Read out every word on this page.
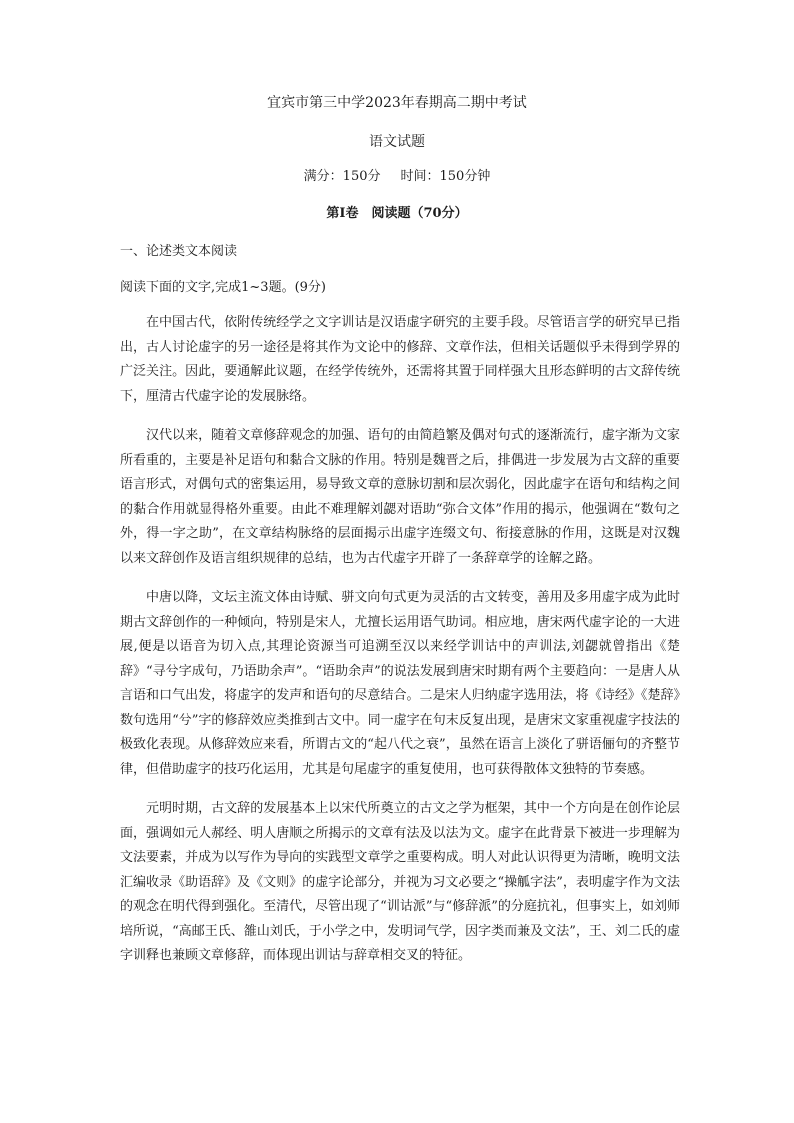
宜宾市第三中学2023年春期高二期中考试
语文试题
满分：150分 时间：150分钟
第Ⅰ卷　阅读题（70分）
一、论述类文本阅读
阅读下面的文字,完成1~3题。(9分)

在中国古代，依附传统经学之文字训诂是汉语虚字研究的主要手段。尽管语言学的研究早已指出，古人讨论虚字的另一途径是将其作为文论中的修辞、文章作法，但相关话题似乎未得到学界的广泛关注。因此，要通解此议题，在经学传统外，还需将其置于同样强大且形态鲜明的古文辞传统下，厘清古代虚字论的发展脉络。

汉代以来，随着文章修辞观念的加强、语句的由简趋繁及偶对句式的逐渐流行，虚字渐为文家所看重的，主要是补足语句和黏合文脉的作用。特别是魏晋之后，排偶进一步发展为古文辞的重要语言形式，对偶句式的密集运用，易导致文章的意脉切割和层次弱化，因此虚字在语句和结构之间的黏合作用就显得格外重要。由此不难理解刘勰对语助“弥合文体”作用的揭示，他强调在“数句之外，得一字之助”，在文章结构脉络的层面揭示出虚字连缀文句、衔接意脉的作用，这既是对汉魏以来文辞创作及语言组织规律的总结，也为古代虚字开辟了一条辞章学的诠解之路。

中唐以降，文坛主流文体由诗赋、骈文向句式更为灵活的古文转变，善用及多用虚字成为此时期古文辞创作的一种倾向，特别是宋人，尤擅长运用语气助词。相应地，唐宋两代虚字论的一大进展,便是以语音为切入点,其理论资源当可追溯至汉以来经学训诂中的声训法,刘勰就曾指出《楚辞》“寻兮字成句，乃语助余声”。“语助余声”的说法发展到唐宋时期有两个主要趋向：一是唐人从言语和口气出发，将虚字的发声和语句的尽意结合。二是宋人归纳虚字选用法，将《诗经》《楚辞》数句选用“兮”字的修辞效应类推到古文中。同一虚字在句末反复出现，是唐宋文家重视虚字技法的极致化表现。从修辞效应来看，所谓古文的“起八代之衰”，虽然在语言上淡化了骈语俪句的齐整节律，但借助虚字的技巧化运用，尤其是句尾虚字的重复使用，也可获得散体文独特的节奏感。

元明时期，古文辞的发展基本上以宋代所奠立的古文之学为框架，其中一个方向是在创作论层面，强调如元人郝经、明人唐顺之所揭示的文章有法及以法为文。虚字在此背景下被进一步理解为文法要素，并成为以写作为导向的实践型文章学之重要构成。明人对此认识得更为清晰，晚明文法汇编收录《助语辞》及《文则》的虚字论部分，并视为习文必要之“操觚字法”，表明虚字作为文法的观念在明代得到强化。至清代，尽管出现了“训诂派”与“修辞派”的分庭抗礼，但事实上，如刘师培所说，“高邮王氏、雒山刘氏，于小学之中，发明词气学，因字类而兼及文法”，王、刘二氏的虚字训释也兼顾文章修辞，而体现出训诂与辞章相交叉的特征。
